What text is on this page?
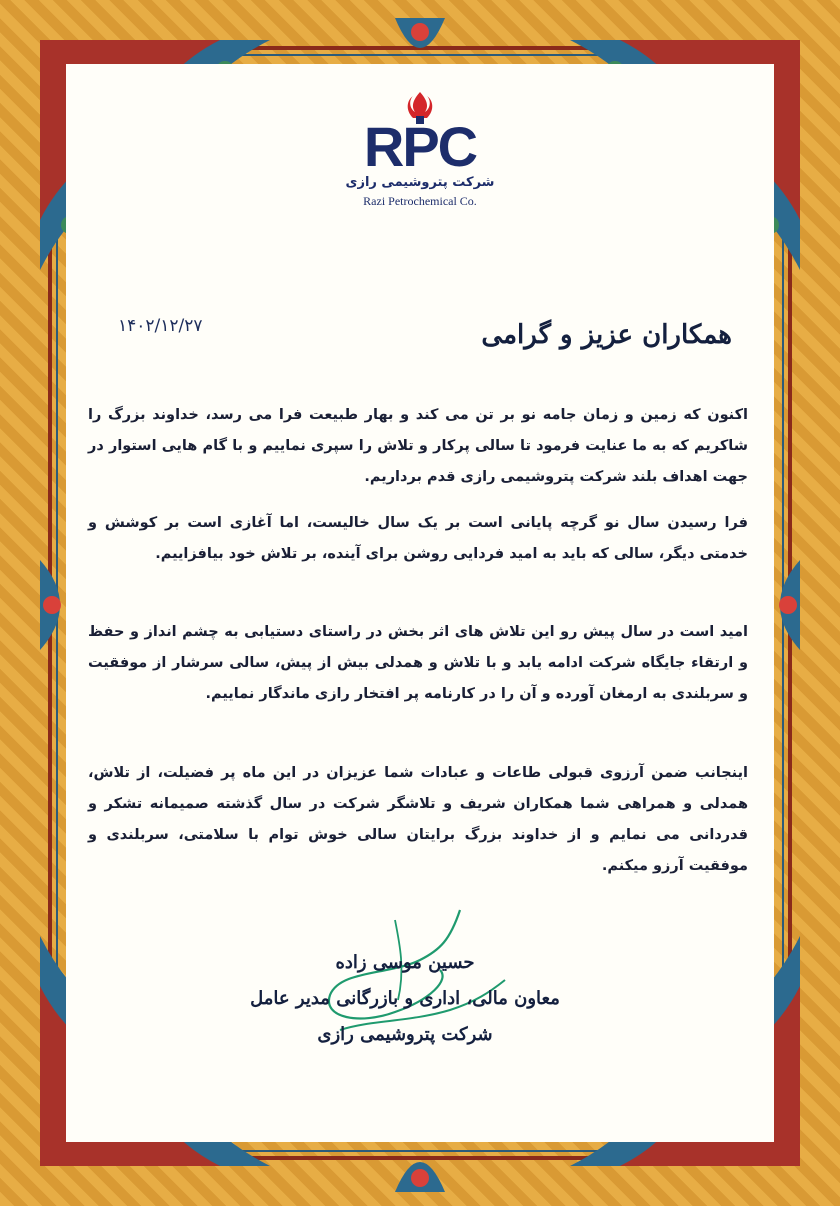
RPC
شرکت پتروشیمی رازی
Razi Petrochemical Co.
۱۴۰۲/۱۲/۲۷	همکاران عزیز و گرامی
اکنون که زمین و زمان جامه نو بر تن می کند و بهار طبیعت فرا می رسد، خداوند بزرگ را شاکریم که به ما عنایت فرمود تا سالی پرکار و تلاش را سپری نماییم و با گام هایی استوار در جهت اهداف بلند شرکت پتروشیمی رازی قدم برداریم.
فرا رسیدن سال نو گرچه پایانی است بر یک سال خالیست، اما آغازی است بر کوشش و خدمتی دیگر، سالی که باید به امید فردایی روشن برای آینده، بر تلاش خود بیافزاییم.
امید است در سال پیش رو این تلاش های اثر بخش در راستای دستیابی به چشم انداز و حفظ و ارتقاء جایگاه شرکت ادامه یابد و با تلاش و همدلی بیش از پیش، سالی سرشار از موفقیت و سربلندی به ارمغان آورده و آن را در کارنامه پر افتخار رازی ماندگار نماییم.
اینجانب ضمن آرزوی قبولی طاعات و عبادات شما عزیزان در این ماه پر فضیلت، از تلاش، همدلی و همراهی شما همکاران شریف و تلاشگر شرکت در سال گذشته صمیمانه تشکر و قدردانی می نمایم و از خداوند بزرگ برایتان سالی خوش توام با سلامتی، سربلندی و موفقیت آرزو میکنم.
حسین موسی زاده
معاون مالی، اداری و بازرگانی مدیر عامل
شرکت پتروشیمی رازی
